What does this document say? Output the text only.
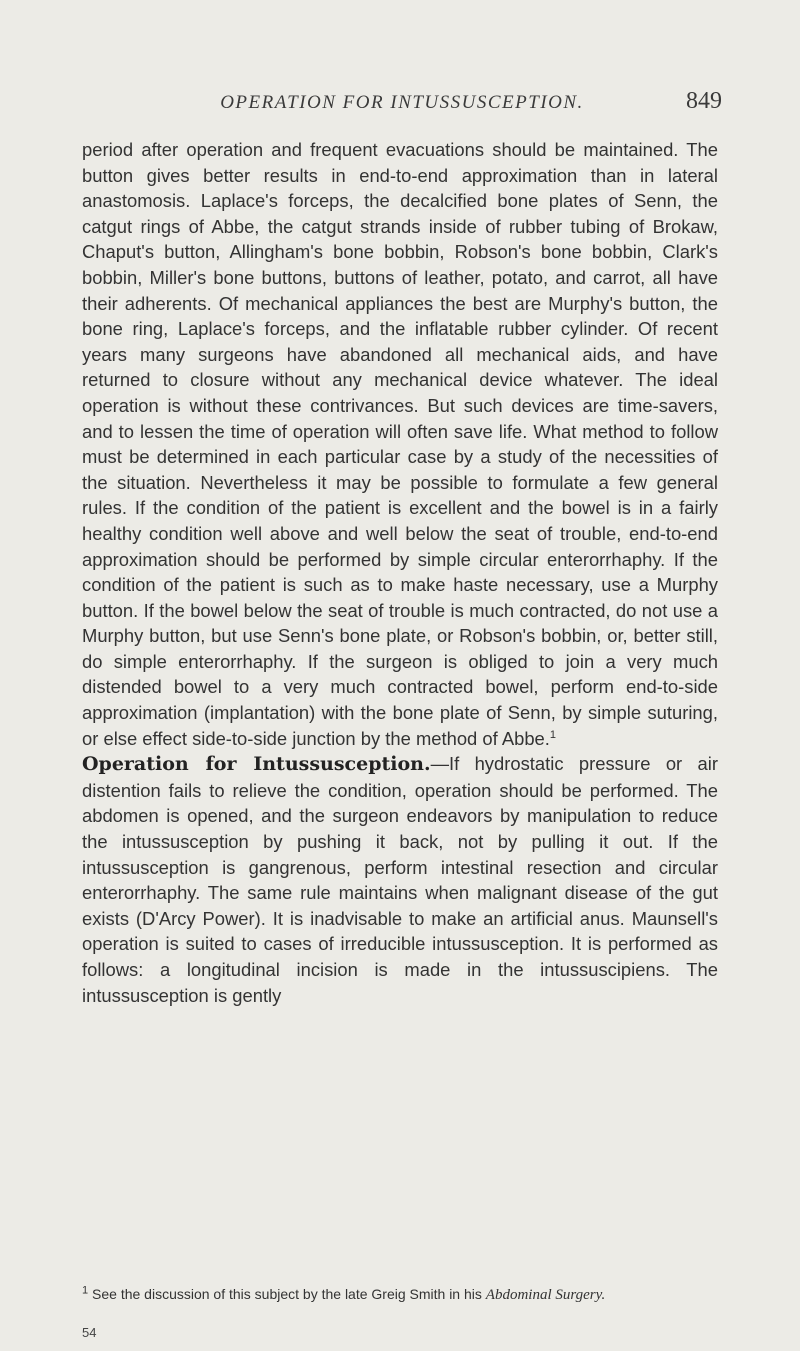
OPERATION FOR INTUSSUSCEPTION.	849

period after operation and frequent evacuations should be maintained. The button gives better results in end-to-end approximation than in lateral anastomosis. Laplace's forceps, the decalcified bone plates of Senn, the catgut rings of Abbe, the catgut strands inside of rubber tubing of Brokaw, Chaput's button, Allingham's bone bobbin, Robson's bone bobbin, Clark's bobbin, Miller's bone buttons, buttons of leather, potato, and carrot, all have their adherents. Of mechanical appliances the best are Murphy's button, the bone ring, Laplace's forceps, and the inflatable rubber cylinder. Of recent years many surgeons have abandoned all mechanical aids, and have returned to closure without any mechanical device whatever. The ideal operation is without these contrivances. But such devices are time-savers, and to lessen the time of operation will often save life. What method to follow must be determined in each particular case by a study of the necessities of the situation. Nevertheless it may be possible to formulate a few general rules. If the condition of the patient is excellent and the bowel is in a fairly healthy condition well above and well below the seat of trouble, end-to-end approximation should be performed by simple circular enterorrhaphy. If the condition of the patient is such as to make haste necessary, use a Murphy button. If the bowel below the seat of trouble is much contracted, do not use a Murphy button, but use Senn's bone plate, or Robson's bobbin, or, better still, do simple enterorrhaphy. If the surgeon is obliged to join a very much distended bowel to a very much contracted bowel, perform end-to-side approximation (implantation) with the bone plate of Senn, by simple suturing, or else effect side-to-side junction by the method of Abbe.$^1$

Operation for Intussusception.—If hydrostatic pressure or air distention fails to relieve the condition, operation should be performed. The abdomen is opened, and the surgeon endeavors by manipulation to reduce the intussusception by pushing it back, not by pulling it out. If the intussusception is gangrenous, perform intestinal resection and circular enterorrhaphy. The same rule maintains when malignant disease of the gut exists (D'Arcy Power). It is inadvisable to make an artificial anus. Maunsell's operation is suited to cases of irreducible intussusception. It is performed as follows: a longitudinal incision is made in the intussuscipiens. The intussusception is gently

$^1$ See the discussion of this subject by the late Greig Smith in his Abdominal Surgery.
54
